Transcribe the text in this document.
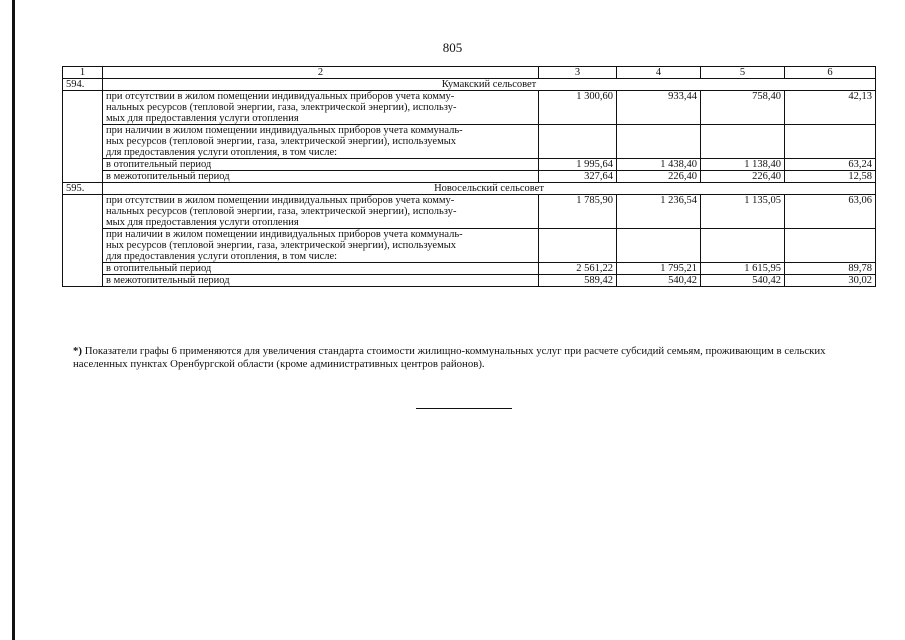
805
1	2	3	4	5	6
594.	Кумакский сельсовет				

	при отсутствии в жилом помещении индивидуальных приборов учета комму-
нальных ресурсов (тепловой энергии, газа, электрической энергии), использу-
мых для предоставления услуги отопления	1 300,60	933,44	758,40	42,13

	при наличии в жилом помещении индивидуальных приборов учета коммуналь-
ных ресурсов (тепловой энергии, газа, электрической энергии), используемых
для предоставления услуги отопления, в том числе:				

	в отопительный период	1 995,64	1 438,40	1 138,40	63,24

	в межотопительный период	327,64	226,40	226,40	12,58
595.	Новосельский сельсовет				

	при отсутствии в жилом помещении индивидуальных приборов учета комму-
нальных ресурсов (тепловой энергии, газа, электрической энергии), использу-
мых для предоставления услуги отопления	1 785,90	1 236,54	1 135,05	63,06

	при наличии в жилом помещении индивидуальных приборов учета коммуналь-
ных ресурсов (тепловой энергии, газа, электрической энергии), используемых
для предоставления услуги отопления, в том числе:				

	в отопительный период	2 561,22	1 795,21	1 615,95	89,78

	в межотопительный период	589,42	540,42	540,42	30,02
*) Показатели графы 6 применяются для увеличения стандарта стоимости жилищно-коммунальных услуг при расчете субсидий семьям, проживающим в сельских населенных пунктах Оренбургской области (кроме административных центров районов).
